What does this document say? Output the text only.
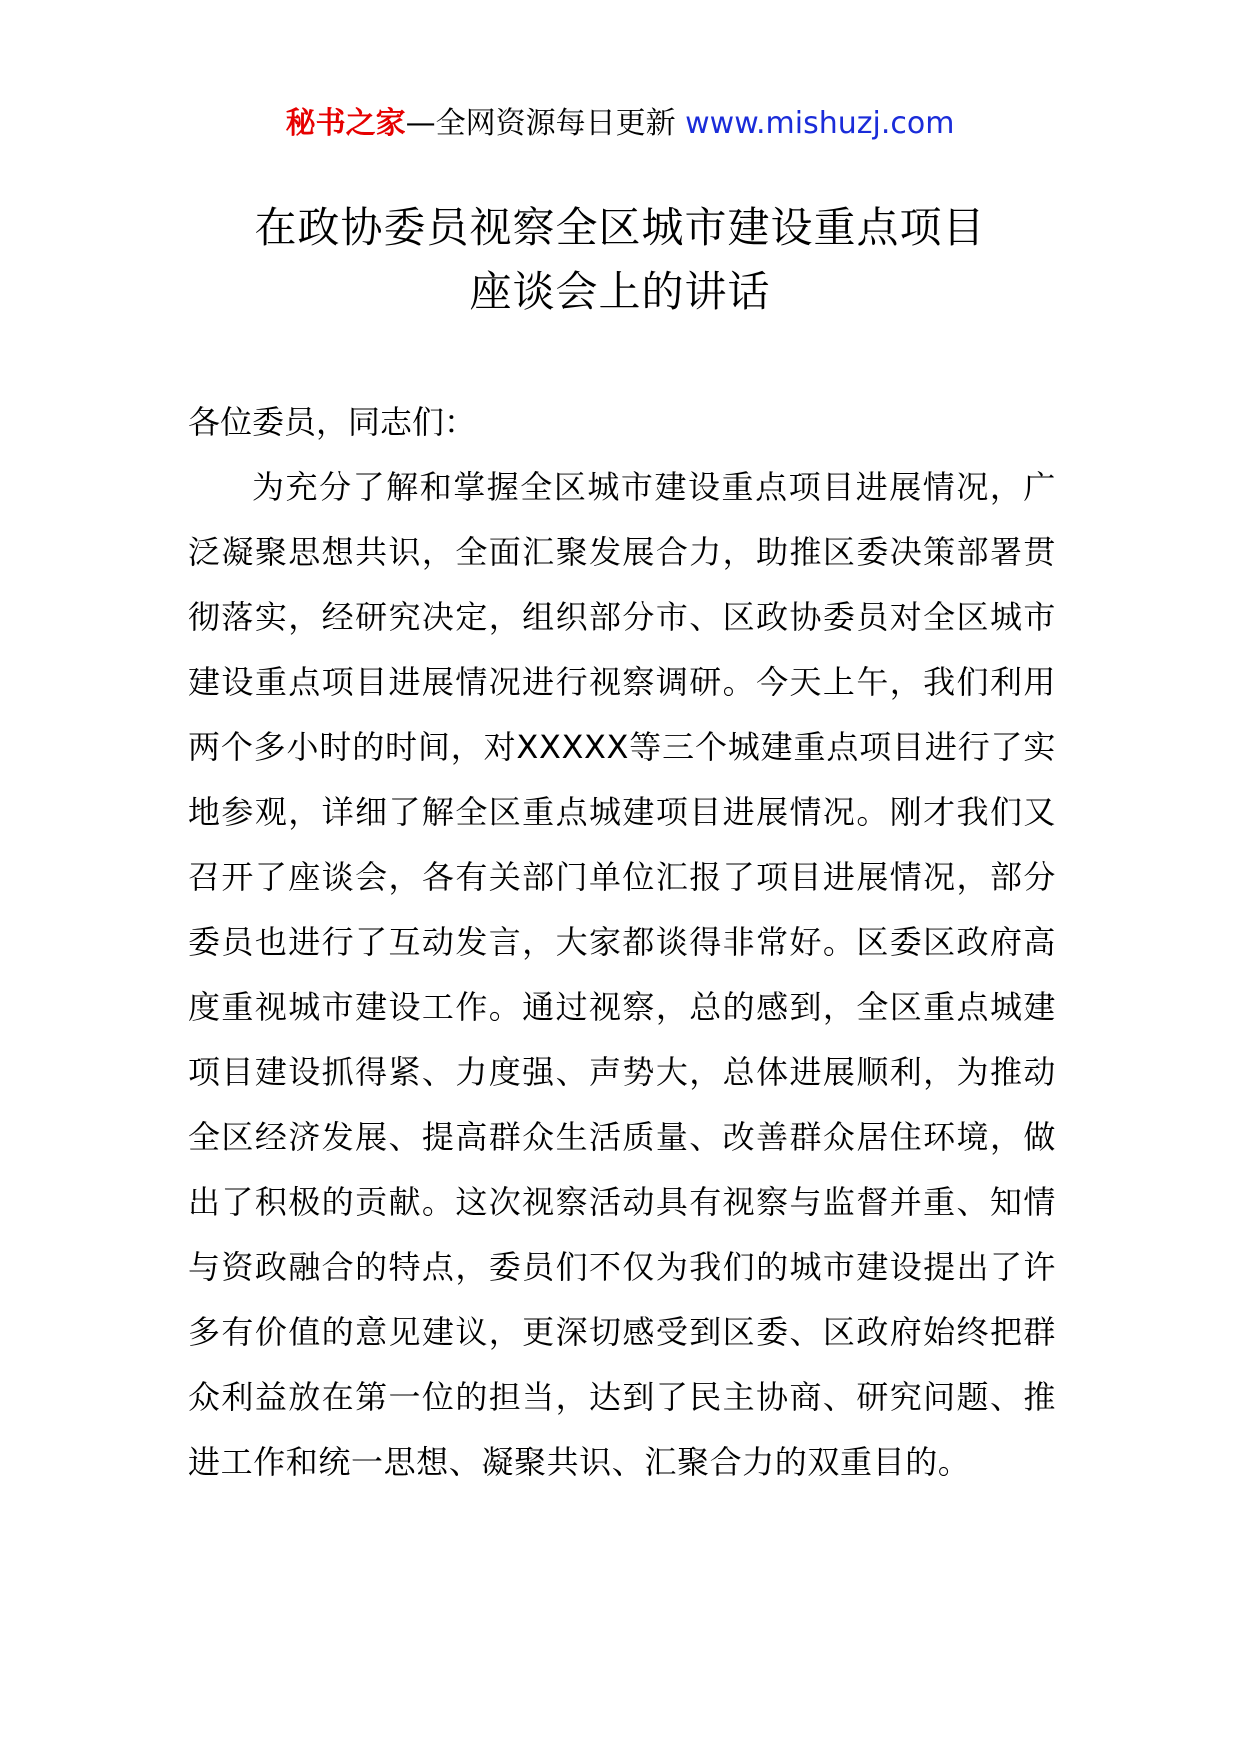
秘书之家—全网资源每日更新 www.mishuzj.com
在政协委员视察全区城市建设重点项目
座谈会上的讲话

各位委员，同志们：

为充分了解和掌握全区城市建设重点项目进展情况，广泛凝聚思想共识，全面汇聚发展合力，助推区委决策部署贯彻落实，经研究决定，组织部分市、区政协委员对全区城市建设重点项目进展情况进行视察调研。今天上午，我们利用两个多小时的时间，对XXXXX等三个城建重点项目进行了实地参观，详细了解全区重点城建项目进展情况。刚才我们又召开了座谈会，各有关部门单位汇报了项目进展情况，部分委员也进行了互动发言，大家都谈得非常好。区委区政府高度重视城市建设工作。通过视察，总的感到，全区重点城建项目建设抓得紧、力度强、声势大，总体进展顺利，为推动全区经济发展、提高群众生活质量、改善群众居住环境，做出了积极的贡献。这次视察活动具有视察与监督并重、知情与资政融合的特点，委员们不仅为我们的城市建设提出了许多有价值的意见建议，更深切感受到区委、区政府始终把群众利益放在第一位的担当，达到了民主协商、研究问题、推进工作和统一思想、凝聚共识、汇聚合力的双重目的。
